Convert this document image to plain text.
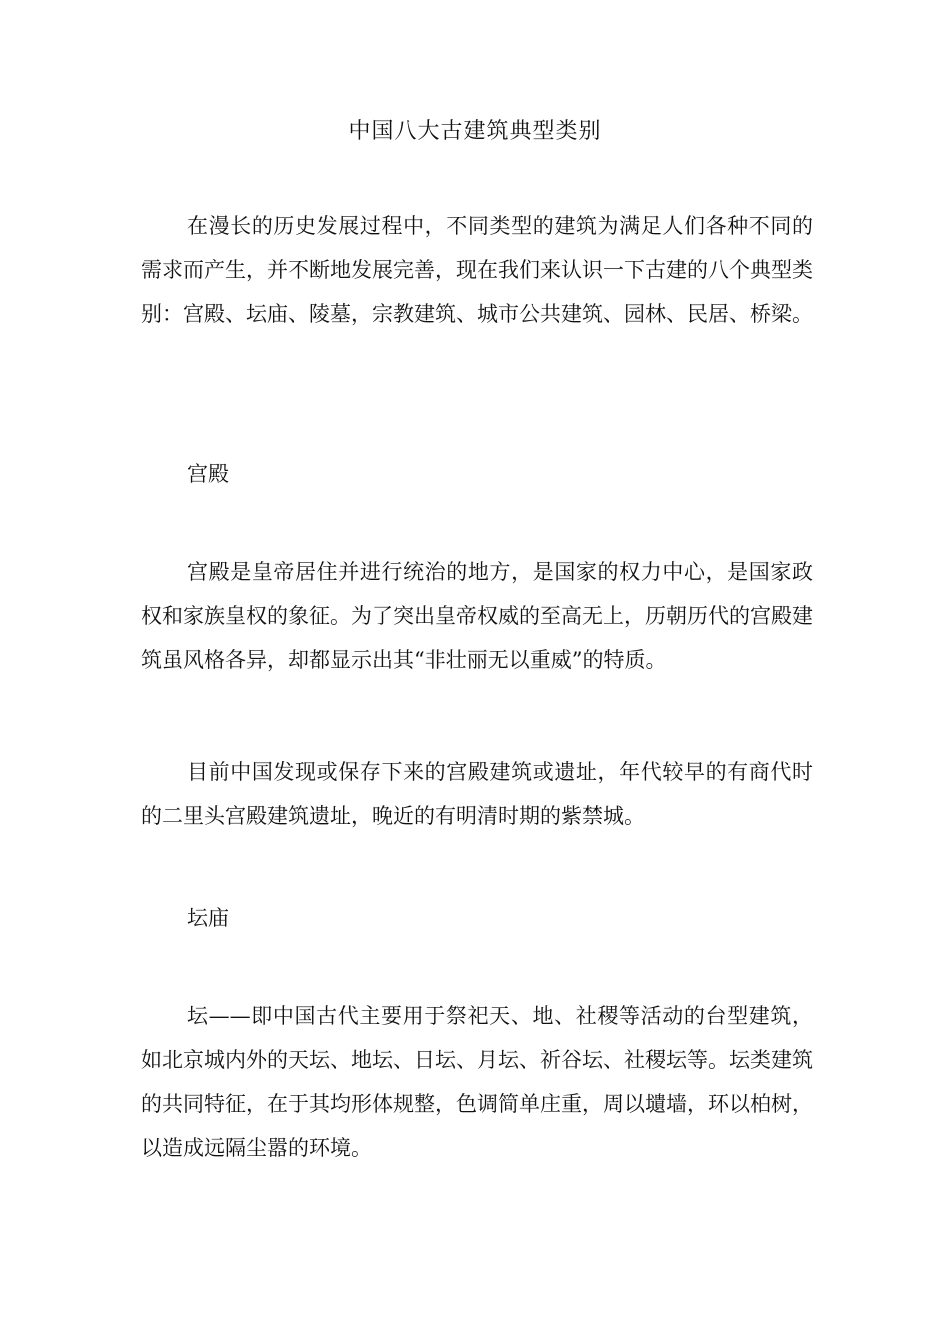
中国八大古建筑典型类别

在漫长的历史发展过程中，不同类型的建筑为满足人们各种不同的需求而产生，并不断地发展完善，现在我们来认识一下古建的八个典型类别：宫殿、坛庙、陵墓，宗教建筑、城市公共建筑、园林、民居、桥梁。

宫殿

宫殿是皇帝居住并进行统治的地方，是国家的权力中心，是国家政权和家族皇权的象征。为了突出皇帝权威的至高无上，历朝历代的宫殿建筑虽风格各异，却都显示出其“非壮丽无以重威”的特质。

目前中国发现或保存下来的宫殿建筑或遗址，年代较早的有商代时的二里头宫殿建筑遗址，晚近的有明清时期的紫禁城。

坛庙

坛——即中国古代主要用于祭祀天、地、社稷等活动的台型建筑，如北京城内外的天坛、地坛、日坛、月坛、祈谷坛、社稷坛等。坛类建筑的共同特征，在于其均形体规整，色调简单庄重，周以壝墙，环以柏树，以造成远隔尘嚣的环境。
